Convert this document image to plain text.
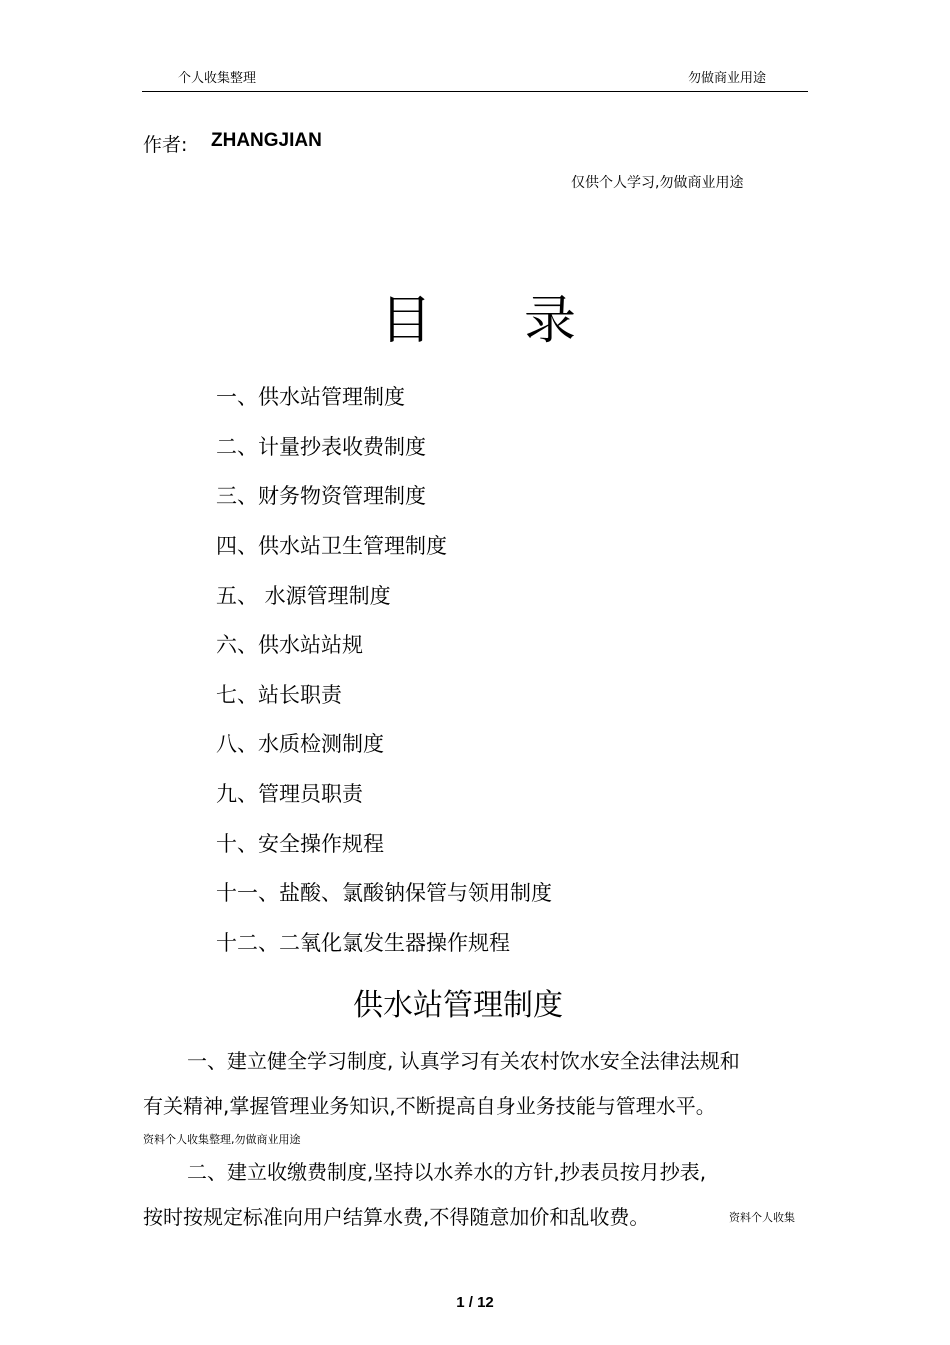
个人收集整理	勿做商业用途
作者: ZHANGJIAN
仅供个人学习,勿做商业用途
目 录
一、供水站管理制度
二、计量抄表收费制度
三、财务物资管理制度
四、供水站卫生管理制度
五、 水源管理制度
六、供水站站规
七、站长职责
八、水质检测制度
九、管理员职责
十、安全操作规程
十一、盐酸、氯酸钠保管与领用制度
十二、二氧化氯发生器操作规程
供水站管理制度
一、建立健全学习制度, 认真学习有关农村饮水安全法律法规和
有关精神,掌握管理业务知识,不断提高自身业务技能与管理水平。
资料个人收集整理,勿做商业用途
二、建立收缴费制度,坚持以水养水的方针,抄表员按月抄表,
按时按规定标准向用户结算水费,不得随意加价和乱收费。	资料个人收集
1 / 12
